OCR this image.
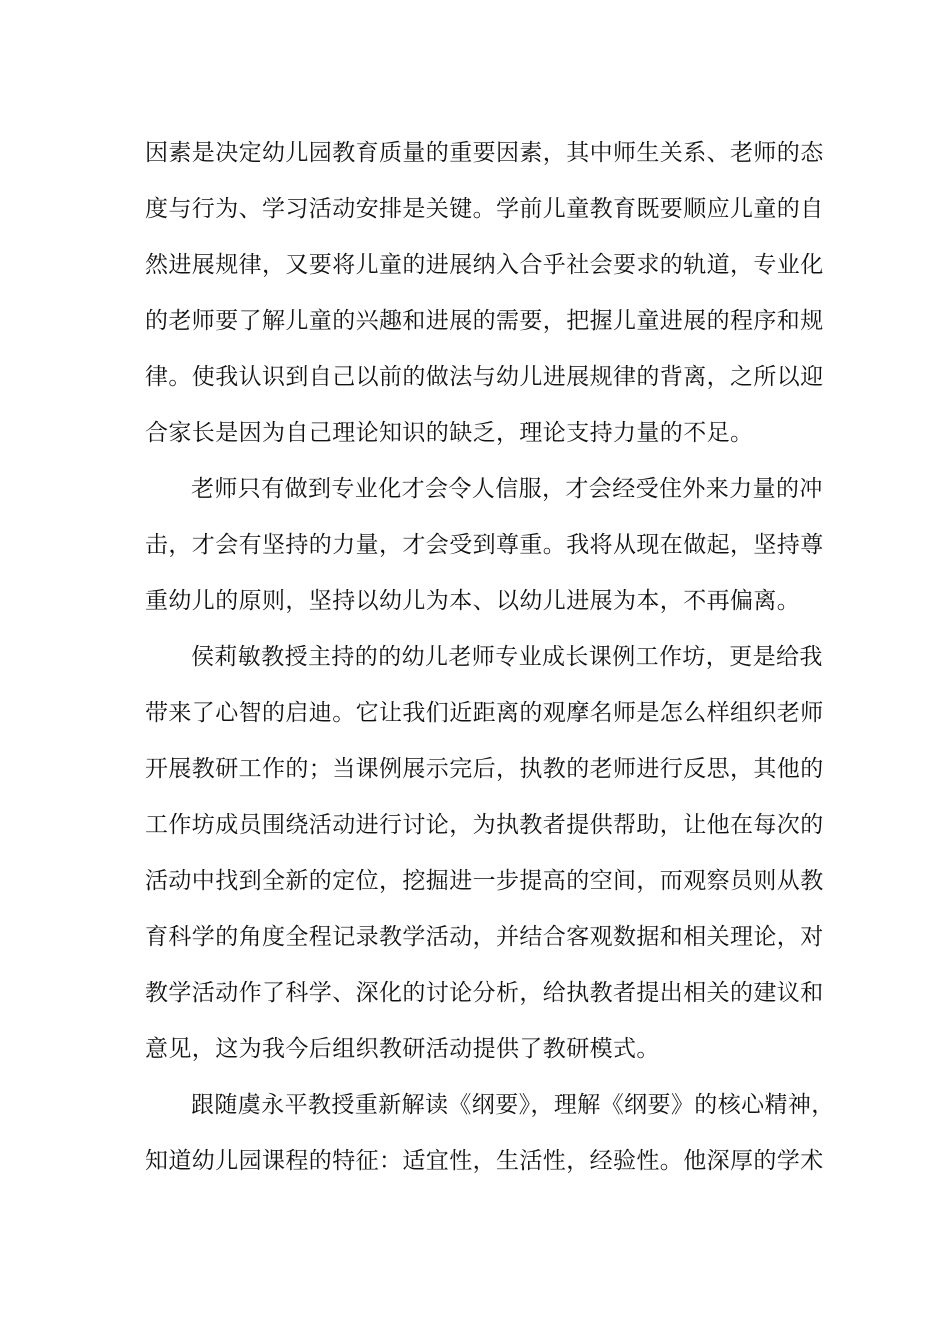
因素是决定幼儿园教育质量的重要因素，其中师生关系、老师的态
度与行为、学习活动安排是关键。学前儿童教育既要顺应儿童的自
然进展规律，又要将儿童的进展纳入合乎社会要求的轨道，专业化
的老师要了解儿童的兴趣和进展的需要，把握儿童进展的程序和规
律。使我认识到自己以前的做法与幼儿进展规律的背离，之所以迎
合家长是因为自己理论知识的缺乏，理论支持力量的不足。
老师只有做到专业化才会令人信服，才会经受住外来力量的冲
击，才会有坚持的力量，才会受到尊重。我将从现在做起，坚持尊
重幼儿的原则，坚持以幼儿为本、以幼儿进展为本，不再偏离。
侯莉敏教授主持的的幼儿老师专业成长课例工作坊，更是给我
带来了心智的启迪。它让我们近距离的观摩名师是怎么样组织老师
开展教研工作的；当课例展示完后，执教的老师进行反思，其他的
工作坊成员围绕活动进行讨论，为执教者提供帮助，让他在每次的
活动中找到全新的定位，挖掘进一步提高的空间，而观察员则从教
育科学的角度全程记录教学活动，并结合客观数据和相关理论，对
教学活动作了科学、深化的讨论分析，给执教者提出相关的建议和
意见，这为我今后组织教研活动提供了教研模式。
跟随虞永平教授重新解读《纲要》，理解《纲要》的核心精神，
知道幼儿园课程的特征：适宜性，生活性，经验性。他深厚的学术
